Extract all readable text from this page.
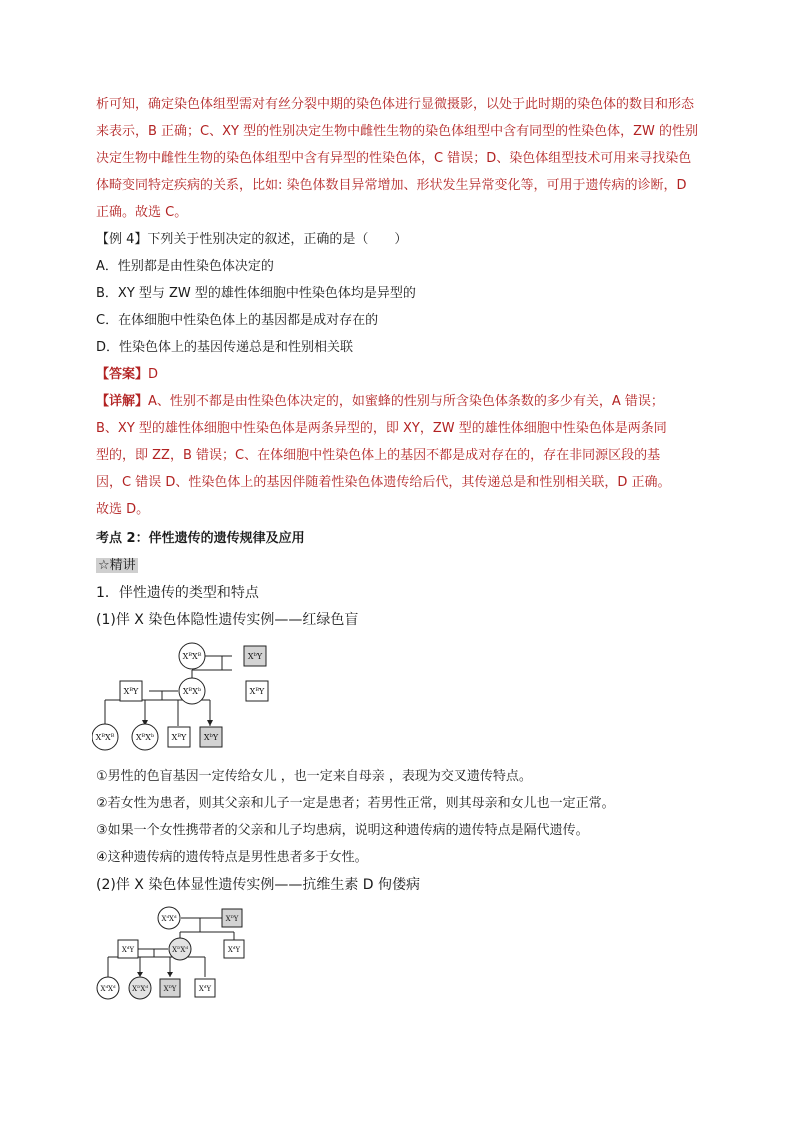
析可知，确定染色体组型需对有丝分裂中期的染色体进行显微摄影，以处于此时期的染色体的数目和形态
来表示，B 正确；C、XY 型的性别决定生物中雌性生物的染色体组型中含有同型的性染色体，ZW 的性别
决定生物中雌性生物的染色体组型中含有异型的性染色体，C 错误；D、染色体组型技术可用来寻找染色
体畸变同特定疾病的关系，比如: 染色体数目异常增加、形状发生异常变化等，可用于遗传病的诊断，D
正确。故选 C。
【例 4】下列关于性别决定的叙述，正确的是（　　）
A．性别都是由性染色体决定的
B．XY 型与 ZW 型的雄性体细胞中性染色体均是异型的
C．在体细胞中性染色体上的基因都是成对存在的
D．性染色体上的基因传递总是和性别相关联
【答案】D
【详解】A、性别不都是由性染色体决定的，如蜜蜂的性别与所含染色体条数的多少有关，A 错误；
B、XY 型的雄性体细胞中性染色体是两条异型的，即 XY，ZW 型的雄性体细胞中性染色体是两条同
型的，即 ZZ，B 错误；C、在体细胞中性染色体上的基因不都是成对存在的，存在非同源区段的基
因，C 错误 D、性染色体上的基因伴随着性染色体遗传给后代，其传递总是和性别相关联，D 正确。
故选 D。
考点 2：伴性遗传的遗传规律及应用
☆精讲
1．伴性遗传的类型和特点
(1)伴 X 染色体隐性遗传实例——红绿色盲
$X^BX^B$	$X^bY$
$X^BY$	$X^BX^b$	$X^BY$
$X^BX^B$	$X^BX^b$ $X^BY$ $X^bY$
①男性的色盲基因一定传给女儿 ，也一定来自母亲 ，表现为交叉遗传特点。
②若女性为患者，则其父亲和儿子一定是患者；若男性正常，则其母亲和女儿也一定正常。
③如果一个女性携带者的父亲和儿子均患病，说明这种遗传病的遗传特点是隔代遗传。
④这种遗传病的遗传特点是男性患者多于女性。
(2)伴 X 染色体显性遗传实例——抗维生素 D 佝偻病
$X^dX^d$	$X^DY$
$X^dY$	$X^DX^d$	$X^dY$
$X^dX^d$ $X^DX^d$ $X^DY$	$X^dY$
